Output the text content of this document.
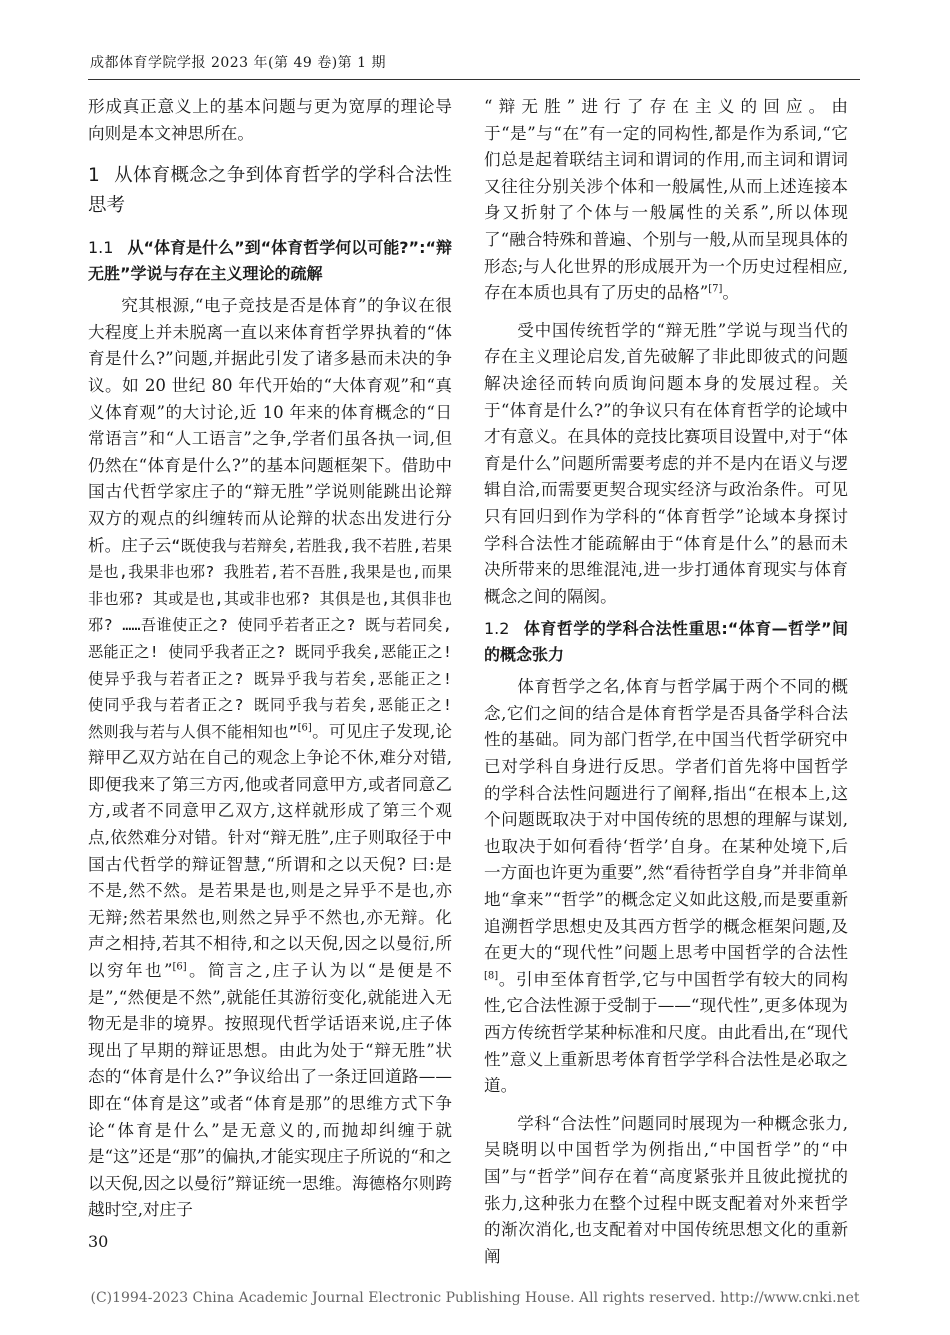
成都体育学院学报 2023 年(第 49 卷)第 1 期

形成真正意义上的基本问题与更为宽厚的理论导向则是本文神思所在。

1 从体育概念之争到体育哲学的学科合法性思考
1.1 从“体育是什么”到“体育哲学何以可能?”:“辩无胜”学说与存在主义理论的疏解

究其根源,“电子竞技是否是体育”的争议在很大程度上并未脱离一直以来体育哲学界执着的“体育是什么?”问题,并据此引发了诸多悬而未决的争议。如 20 世纪 80 年代开始的“大体育观”和“真义体育观”的大讨论,近 10 年来的体育概念的“日常语言”和“人工语言”之争,学者们虽各执一词,但仍然在“体育是什么?”的基本问题框架下。借助中国古代哲学家庄子的“辩无胜”学说则能跳出论辩双方的观点的纠缠转而从论辩的状态出发进行分析。庄子云“既使我与若辩矣,若胜我,我不若胜,若果是也,我果非也邪? 我胜若,若不吾胜,我果是也,而果非也邪? 其或是也,其或非也邪? 其俱是也,其俱非也邪? ……吾谁使正之? 使同乎若者正之? 既与若同矣,恶能正之! 使同乎我者正之? 既同乎我矣,恶能正之! 使异乎我与若者正之? 既异乎我与若矣,恶能正之! 使同乎我与若者正之? 既同乎我与若矣,恶能正之! 然则我与若与人俱不能相知也”[6]。可见庄子发现,论辩甲乙双方站在自己的观念上争论不休,难分对错,即便我来了第三方丙,他或者同意甲方,或者同意乙方,或者不同意甲乙双方,这样就形成了第三个观点,依然难分对错。针对“辩无胜”,庄子则取径于中国古代哲学的辩证智慧,“所谓和之以天倪? 曰:是不是,然不然。是若果是也,则是之异乎不是也,亦无辩;然若果然也,则然之异乎不然也,亦无辩。化声之相持,若其不相待,和之以天倪,因之以曼衍,所以穷年也”[6]。简言之,庄子认为以“是便是不是”,“然便是不然”,就能任其游衍变化,就能进入无物无是非的境界。按照现代哲学话语来说,庄子体现出了早期的辩证思想。由此为处于“辩无胜”状态的“体育是什么?”争议给出了一条迂回道路——即在“体育是这”或者“体育是那”的思维方式下争论“体育是什么”是无意义的,而抛却纠缠于就是“这”还是“那”的偏执,才能实现庄子所说的“和之以天倪,因之以曼衍”辩证统一思维。海德格尔则跨越时空,对庄子

“辩无胜”进行了存在主义的回应。由于“是”与“在”有一定的同构性,都是作为系词,“它们总是起着联结主词和谓词的作用,而主词和谓词又往往分别关涉个体和一般属性,从而上述连接本身又折射了个体与一般属性的关系”,所以体现了“融合特殊和普遍、个别与一般,从而呈现具体的形态;与人化世界的形成展开为一个历史过程相应,存在本质也具有了历史的品格”[7]。

受中国传统哲学的“辩无胜”学说与现当代的存在主义理论启发,首先破解了非此即彼式的问题解决途径而转向质询问题本身的发展过程。关于“体育是什么?”的争议只有在体育哲学的论域中才有意义。在具体的竞技比赛项目设置中,对于“体育是什么”问题所需要考虑的并不是内在语义与逻辑自洽,而需要更契合现实经济与政治条件。可见只有回归到作为学科的“体育哲学”论域本身探讨学科合法性才能疏解由于“体育是什么”的悬而未决所带来的思维混沌,进一步打通体育现实与体育概念之间的隔阂。

1.2 体育哲学的学科合法性重思:“体育—哲学”间的概念张力

体育哲学之名,体育与哲学属于两个不同的概念,它们之间的结合是体育哲学是否具备学科合法性的基础。同为部门哲学,在中国当代哲学研究中已对学科自身进行反思。学者们首先将中国哲学的学科合法性问题进行了阐释,指出“在根本上,这个问题既取决于对中国传统的思想的理解与谋划,也取决于如何看待‘哲学’自身。在某种处境下,后一方面也许更为重要”,然“看待哲学自身”并非简单地“拿来”“哲学”的概念定义如此这般,而是要重新追溯哲学思想史及其西方哲学的概念框架问题,及在更大的“现代性”问题上思考中国哲学的合法性[8]。引申至体育哲学,它与中国哲学有较大的同构性,它合法性源于受制于——“现代性”,更多体现为西方传统哲学某种标准和尺度。由此看出,在“现代性”意义上重新思考体育哲学学科合法性是必取之道。

学科“合法性”问题同时展现为一种概念张力,吴晓明以中国哲学为例指出,“中国哲学”的“中国”与“哲学”间存在着“高度紧张并且彼此搅扰的张力,这种张力在整个过程中既支配着对外来哲学的渐次消化,也支配着对中国传统思想文化的重新阐

30
(C)1994-2023 China Academic Journal Electronic Publishing House. All rights reserved. http://www.cnki.net
